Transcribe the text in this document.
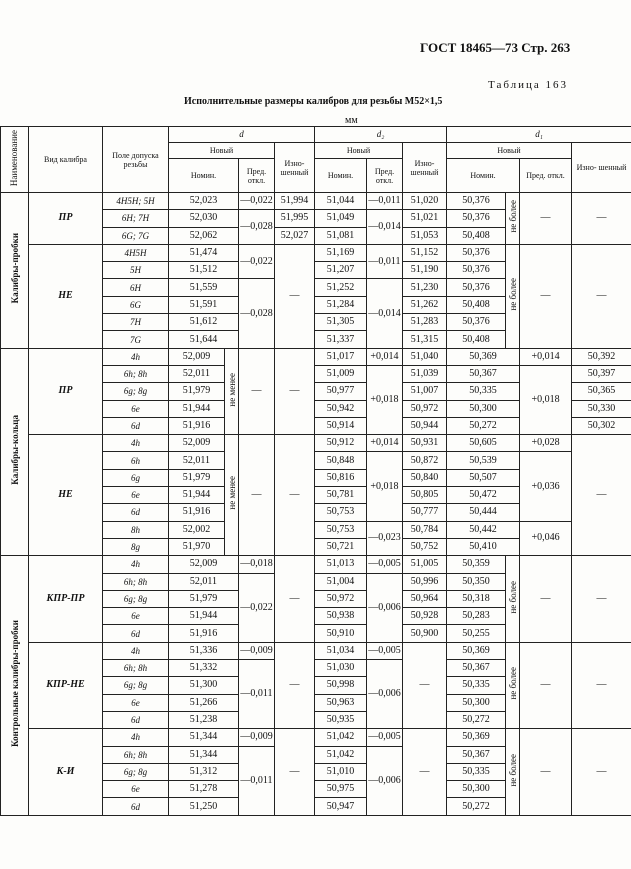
ГОСТ 18465—73 Стр. 263
Таблица 163
Исполнительные размеры калибров для резьбы М52×1,5
мм
Наименование	Вид калибра	Поле допуска резьбы	d				d₂			d₁			
			Новый			Изно- шенный	Новый		Изно- шенный	Новый			Изно- шенный
			Номин.		Пред. откл.		Номин.	Пред. откл.		Номин.		Пред. откл.	
Калибры-пробки	ПР	4H5H; 5H	52,023		—0,022	51,994	51,044	—0,011	51,020	50,376	не более	—	—
		6H; 7H	52,030		—0,028	51,995	51,049	—0,014	51,021	50,376			
		6G; 7G	52,062			52,027	51,081		51,053	50,408			
	НЕ	4H5H	51,474		—0,022	—	51,169	—0,011	51,152	50,376	не более	—	—
		5H	51,512				51,207		51,190	50,376			
		6H	51,559		—0,028		51,252	—0,014	51,230	50,376			
		6G	51,591				51,284		51,262	50,408			
		7H	51,612				51,305		51,283	50,376			
		7G	51,644				51,337		51,315	50,408			
Калибры-кольца	ПР	4h	52,009	не менее	—	—	51,017	+0,014	51,040	50,369		+0,014	50,392
		6h; 8h	52,011				51,009	+0,018	51,039	50,367		+0,018	50,397
		6g; 8g	51,979				50,977		51,007	50,335			50,365
		6e	51,944				50,942		50,972	50,300			50,330
		6d	51,916				50,914		50,944	50,272			50,302
	НЕ	4h	52,009	не менее	—	—	50,912	+0,014	50,931	50,605		+0,028	—
		6h	52,011				50,848	+0,018	50,872	50,539		+0,036	
		6g	51,979				50,816		50,840	50,507			
		6e	51,944				50,781		50,805	50,472			
		6d	51,916				50,753		50,777	50,444			
		8h	52,002				50,753	—0,023	50,784	50,442		+0,046	
		8g	51,970				50,721		50,752	50,410			
Контрольные калибры-пробки	КПР-ПР	4h	52,009		—0,018	—	51,013	—0,005	51,005	50,359	не более	—	—
		6h; 8h	52,011		—0,022		51,004	—0,006	50,996	50,350			
		6g; 8g	51,979				50,972		50,964	50,318			
		6e	51,944				50,938		50,928	50,283			
		6d	51,916				50,910		50,900	50,255			
	КПР-НЕ	4h	51,336		—0,009	—	51,034	—0,005	—	50,369	не более	—	—
		6h; 8h	51,332		—0,011		51,030	—0,006		50,367			
		6g; 8g	51,300				50,998			50,335			
		6e	51,266				50,963			50,300			
		6d	51,238				50,935			50,272			
	К-И	4h	51,344		—0,009	—	51,042	—0,005	—	50,369	не более	—	—
		6h; 8h	51,344		—0,011		51,042	—0,006		50,367			
		6g; 8g	51,312				51,010			50,335			
		6e	51,278				50,975			50,300			
		6d	51,250				50,947			50,272			
